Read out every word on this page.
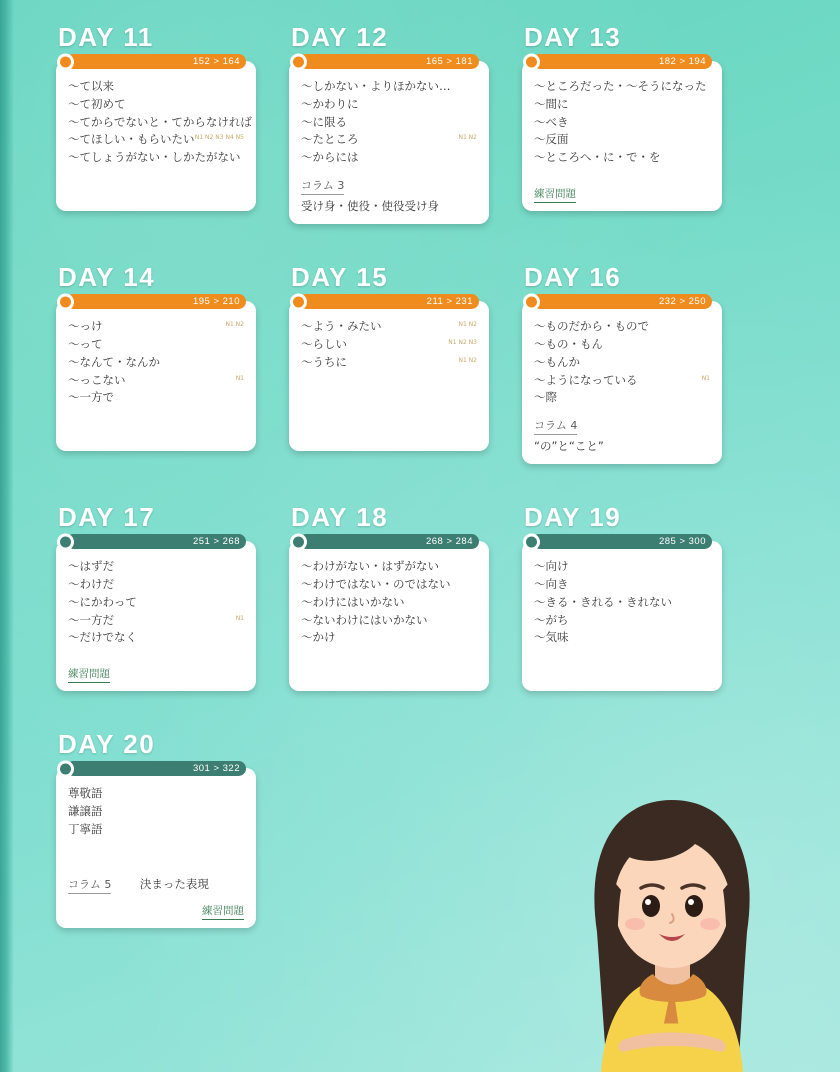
DAY 11
152 > 164
〜て以来
〜て初めて
〜てからでないと・てからなければ
〜てほしい・もらいたい N1 N2 N3 N4 N5
〜てしょうがない・しかたがない
DAY 12
165 > 181
〜しかない・よりほかない…
〜かわりに
〜に限る
〜たところ	N1 N2
〜からには
コラム 3
受け身・使役・使役受け身
DAY 13
182 > 194
〜ところだった・〜そうになった
〜間に
〜べき
〜反面
〜ところへ・に・で・を
練習問題
DAY 14
195 > 210
〜っけ	N1 N2
〜って
〜なんて・なんか
〜っこない	N1
〜一方で
DAY 15
211 > 231
〜よう・みたい	N1 N2
〜らしい	N1 N2 N3
〜うちに	N1 N2
DAY 16
232 > 250
〜ものだから・もので
〜もの・もん
〜もんか
〜ようになっている	N1
〜際
コラム 4
“の”と“こと”
DAY 17
251 > 268
〜はずだ
〜わけだ
〜にかわって
〜一方だ	N1
〜だけでなく
練習問題
DAY 18
268 > 284
〜わけがない・はずがない
〜わけではない・のではない
〜わけにはいかない
〜ないわけにはいかない
〜かけ
DAY 19
285 > 300
〜向け
〜向き
〜きる・きれる・きれない
〜がち
〜気味
DAY 20
301 > 322
尊敬語
謙譲語
丁寧語
コラム 5 決まった表現
練習問題
